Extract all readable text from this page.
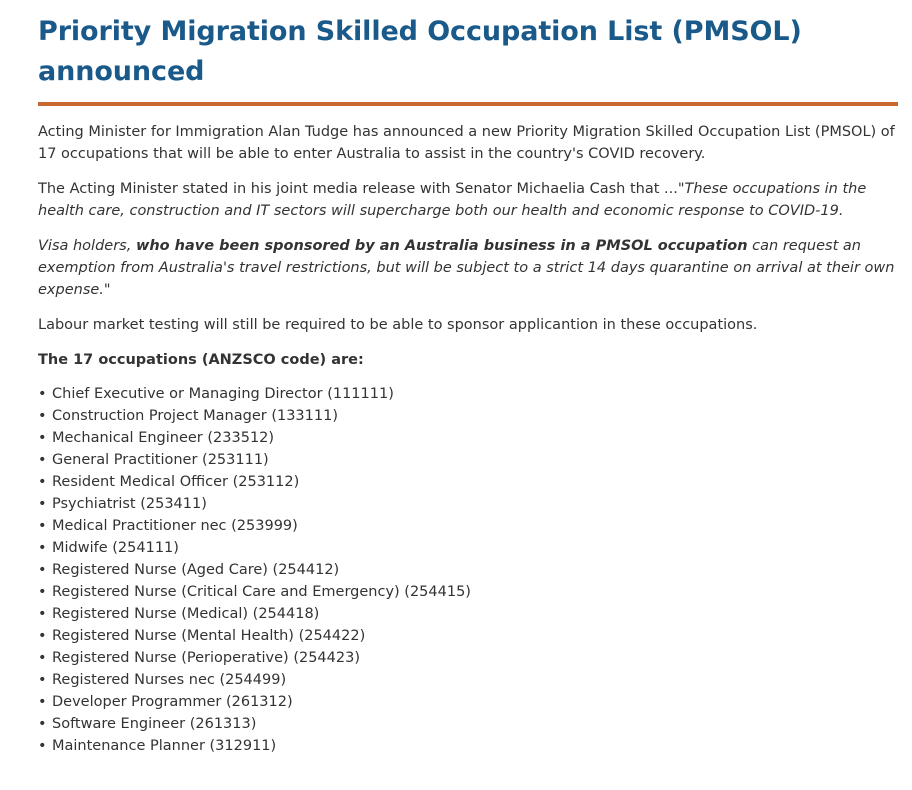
Priority Migration Skilled Occupation List (PMSOL) announced

Acting Minister for Immigration Alan Tudge has announced a new Priority Migration Skilled Occupation List (PMSOL) of 17 occupations that will be able to enter Australia to assist in the country's COVID recovery.

The Acting Minister stated in his joint media release with Senator Michaelia Cash that ..."These occupations in the health care, construction and IT sectors will supercharge both our health and economic response to COVID-19.

Visa holders, who have been sponsored by an Australia business in a PMSOL occupation can request an exemption from Australia's travel restrictions, but will be subject to a strict 14 days quarantine on arrival at their own expense."

Labour market testing will still be required to be able to sponsor applicantion in these occupations.

The 17 occupations (ANZSCO code) are:

• Chief Executive or Managing Director (111111)
• Construction Project Manager (133111)
• Mechanical Engineer (233512)
• General Practitioner (253111)
• Resident Medical Officer (253112)
• Psychiatrist (253411)
• Medical Practitioner nec (253999)
• Midwife (254111)
• Registered Nurse (Aged Care) (254412)
• Registered Nurse (Critical Care and Emergency) (254415)
• Registered Nurse (Medical) (254418)
• Registered Nurse (Mental Health) (254422)
• Registered Nurse (Perioperative) (254423)
• Registered Nurses nec (254499)
• Developer Programmer (261312)
• Software Engineer (261313)
• Maintenance Planner (312911)
